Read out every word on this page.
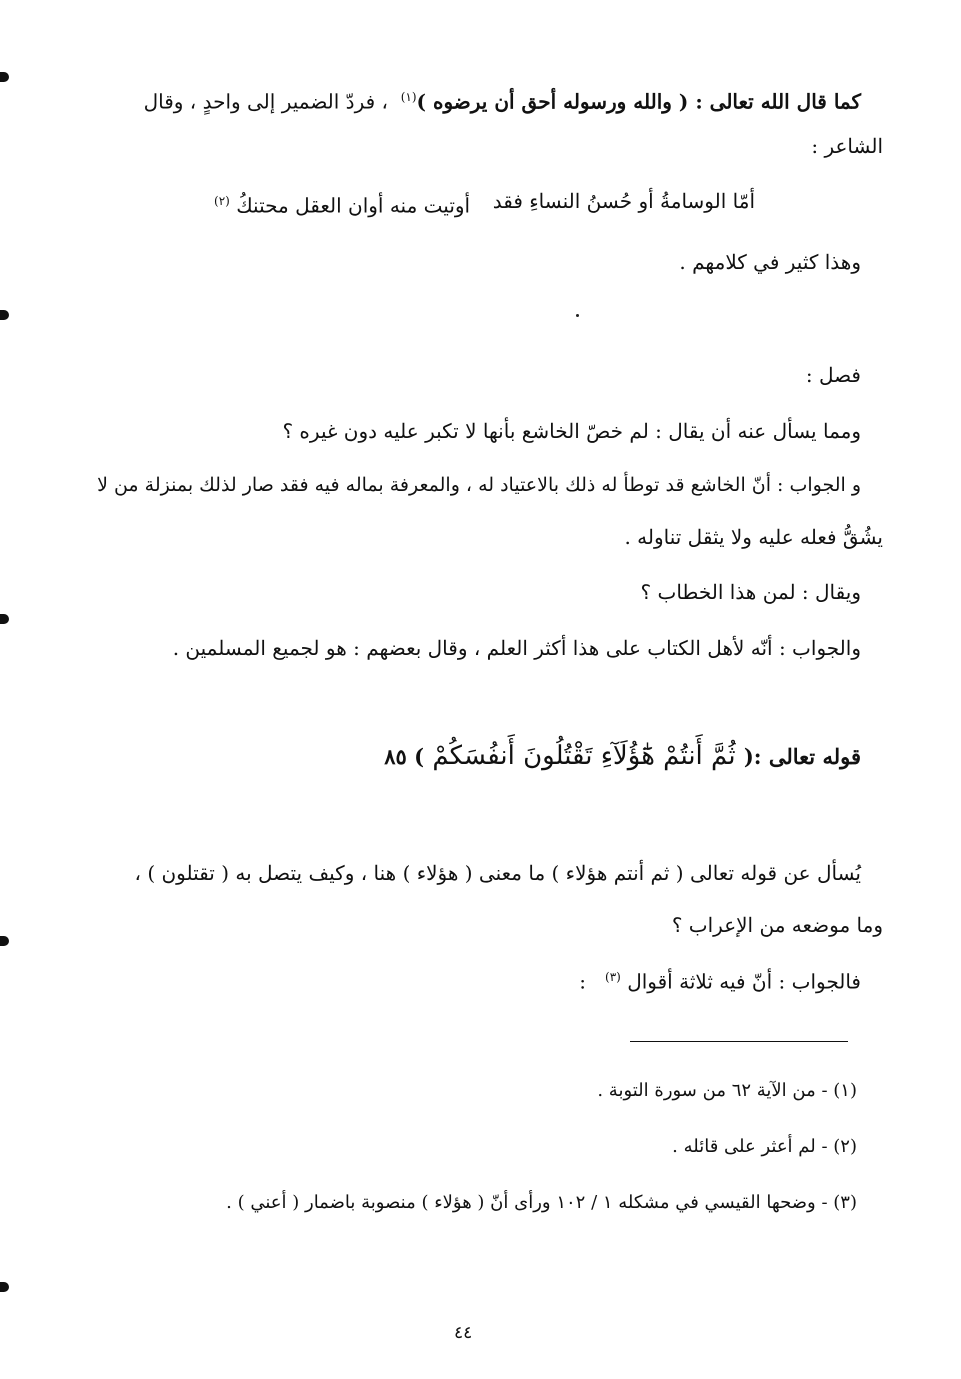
كما قال الله تعالى : ( والله ورسوله أحق أن يرضوه )$^{(١)}$  ، فردّ الضمير إلى واحدٍ ، وقال
الشاعر :
أمّا الوسامةُ أو حُسنُ النساءِ فقد
أوتيت منه أوان العقل محتنكُ $^{(٢)}$
وهذا كثير في كلامهم .
فصل :
ومما يسأل عنه أن يقال : لم خصّ الخاشع بأنها لا تكبر عليه دون غيره ؟
و الجواب : أنّ الخاشع قد توطأ له ذلك بالاعتياد له ، والمعرفة بماله فيه فقد صار لذلك بمنزلة من لا
يشُقُّ فعله عليه ولا يثقل تناوله .
ويقال : لمن هذا الخطاب ؟
والجواب : أنّه لأهل الكتاب على هذا أكثر العلم ، وقال بعضهم : هو لجميع المسلمين .
قوله تعالى :( ثُمَّ أَنتُمْ هَٰٓؤُلَآءِ تَقْتُلُونَ أَنفُسَكُمْ ) ٨٥
يُسأل عن قوله تعالى ( ثم أنتم هؤلاء ) ما معنى ( هؤلاء ) هنا ، وكيف يتصل به ( تقتلون ) ،
وما موضعه من الإعراب ؟
فالجواب : أنّ فيه ثلاثة أقوال $^{(٣)}$   :
(١) - من الآية ٦٢ من سورة التوبة .
(٢) - لم أعثر على قائله .
(٣) - وضحها القيسي في مشكله ١ / ١٠٢ ورأى أنّ ( هؤلاء ) منصوبة باضمار ( أعني ) .
٤٤
